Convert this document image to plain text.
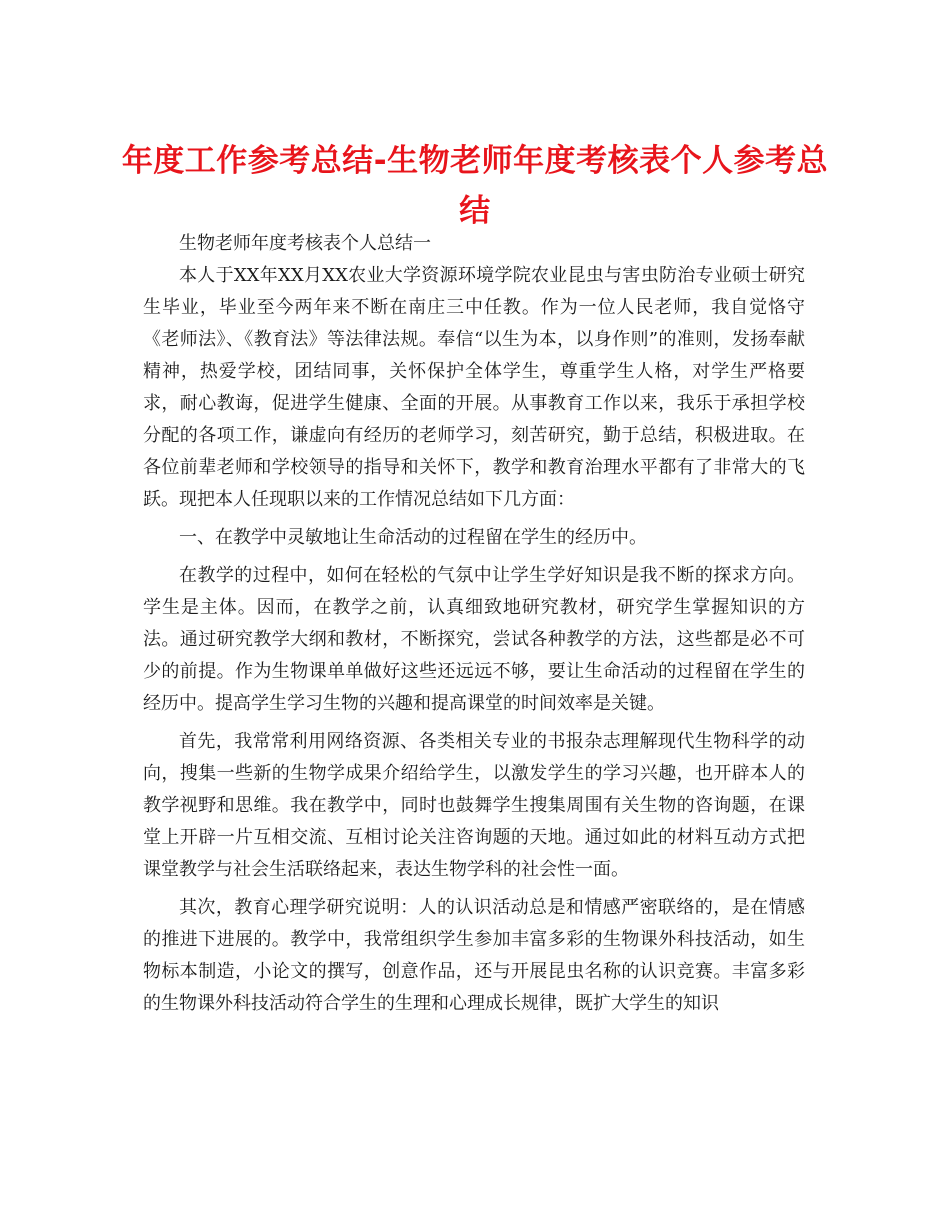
年度工作参考总结-生物老师年度考核表个人参考总结

生物老师年度考核表个人总结一

本人于XX年XX月XX农业大学资源环境学院农业昆虫与害虫防治专业硕士研究生毕业，毕业至今两年来不断在南庄三中任教。作为一位人民老师，我自觉恪守《老师法》、《教育法》等法律法规。奉信“以生为本，以身作则”的准则，发扬奉献精神，热爱学校，团结同事，关怀保护全体学生，尊重学生人格，对学生严格要求，耐心教诲，促进学生健康、全面的开展。从事教育工作以来，我乐于承担学校分配的各项工作，谦虚向有经历的老师学习，刻苦研究，勤于总结，积极进取。在各位前辈老师和学校领导的指导和关怀下，教学和教育治理水平都有了非常大的飞跃。现把本人任现职以来的工作情况总结如下几方面：

一、在教学中灵敏地让生命活动的过程留在学生的经历中。

在教学的过程中，如何在轻松的气氛中让学生学好知识是我不断的探求方向。学生是主体。因而，在教学之前，认真细致地研究教材，研究学生掌握知识的方法。通过研究教学大纲和教材，不断探究，尝试各种教学的方法，这些都是必不可少的前提。作为生物课单单做好这些还远远不够，要让生命活动的过程留在学生的经历中。提高学生学习生物的兴趣和提高课堂的时间效率是关键。

首先，我常常利用网络资源、各类相关专业的书报杂志理解现代生物科学的动向，搜集一些新的生物学成果介绍给学生，以激发学生的学习兴趣，也开辟本人的教学视野和思维。我在教学中，同时也鼓舞学生搜集周围有关生物的咨询题，在课堂上开辟一片互相交流、互相讨论关注咨询题的天地。通过如此的材料互动方式把课堂教学与社会生活联络起来，表达生物学科的社会性一面。

其次，教育心理学研究说明：人的认识活动总是和情感严密联络的，是在情感的推进下进展的。教学中，我常组织学生参加丰富多彩的生物课外科技活动，如生物标本制造，小论文的撰写，创意作品，还与开展昆虫名称的认识竞赛。丰富多彩的生物课外科技活动符合学生的生理和心理成长规律，既扩大学生的知识
